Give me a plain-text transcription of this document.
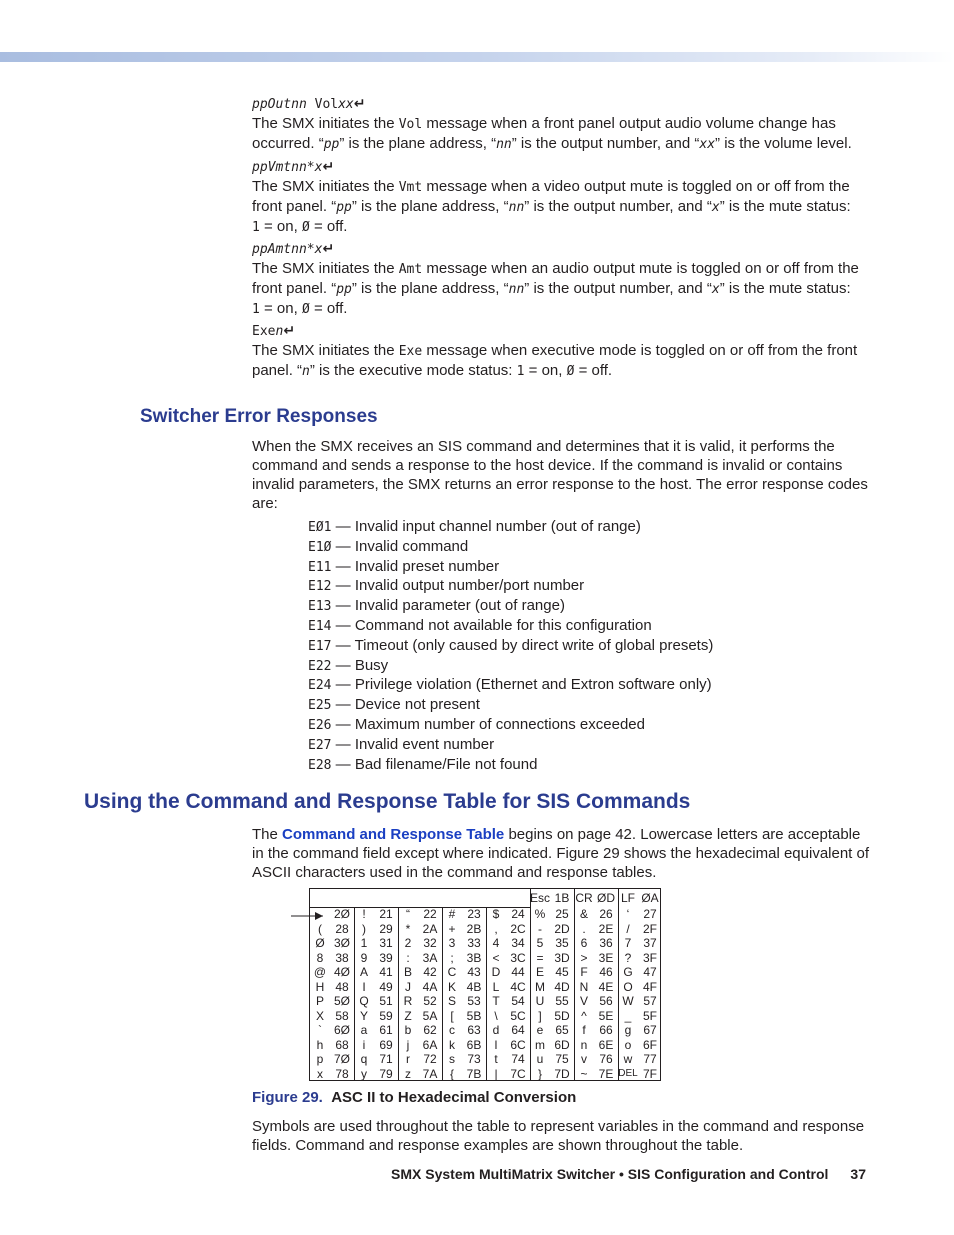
ppOutnn Volxx↵
The SMX initiates the Vol message when a front panel output audio volume change has occurred. “pp” is the plane address, “nn” is the output number, and “xx” is the volume level.
ppVmtnn*x↵
The SMX initiates the Vmt message when a video output mute is toggled on or off from the front panel. “pp” is the plane address, “nn” is the output number, and “x” is the mute status:
1 = on, Ø = off.
ppAmtnn*x↵
The SMX initiates the Amt message when an audio output mute is toggled on or off from the front panel. “pp” is the plane address, “nn” is the output number, and “x” is the mute status:
1 = on, Ø = off.
Exen↵
The SMX initiates the Exe message when executive mode is toggled on or off from the front panel. “n” is the executive mode status: 1 = on, Ø = off.
Switcher Error Responses
When the SMX receives an SIS command and determines that it is valid, it performs the command and sends a response to the host device. If the command is invalid or contains invalid parameters, the SMX returns an error response to the host. The error response codes are:
EØ1 — Invalid input channel number (out of range)
E1Ø — Invalid command
E11 — Invalid preset number
E12 — Invalid output number/port number
E13 — Invalid parameter (out of range)
E14 — Command not available for this configuration
E17 — Timeout (only caused by direct write of global presets)
E22 — Busy
E24 — Privilege violation (Ethernet and Extron software only)
E25 — Device not present
E26 — Maximum number of connections exceeded
E27 — Invalid event number
E28 — Bad filename/File not found
Using the Command and Response Table for SIS Commands
The Command and Response Table begins on page 42. Lowercase letters are acceptable in the command field except where indicated. Figure 29 shows the hexadecimal equivalent of ASCII characters used in the command and response tables.
(
Ø
8
@
H
P
X
`
h
p
x
2Ø
28
3Ø
38
4Ø
48
5Ø
58
6Ø
68
7Ø
78
!
)
1
9
A
I
Q
Y
a
i
q
y
21
29
31
39
41
49
51
59
61
69
71
79
“
*
2
:
B
J
R
Z
b
j
r
z
22
2A
32
3A
42
4A
52
5A
62
6A
72
7A
#
+
3
;
C
K
S
[
c
k
s
{
23
2B
33
3B
43
4B
53
5B
63
6B
73
7B
$
,
4
<
D
L
T
\
d
l
t
|
24
2C
34
3C
44
4C
54
5C
64
6C
74
7C
%
-
5
=
E
M
U
]
e
m
u
}
25
2D
35
3D
45
4D
55
5D
65
6D
75
7D
&
.
6
>
F
N
V
^
f
n
v
~
26
2E
36
3E
46
4E
56
5E
66
6E
76
7E
‘
/
7
?
G
O
W
_
g
o
w
DEL
27
2F
37
3F
47
4F
57
5F
67
6F
77
7F
Esc 1B CR ØD LF ØA
Figure 29. ASC II to Hexadecimal Conversion
Symbols are used throughout the table to represent variables in the command and response fields. Command and response examples are shown throughout the table.
SMX System MultiMatrix Switcher • SIS Configuration and Control 37
